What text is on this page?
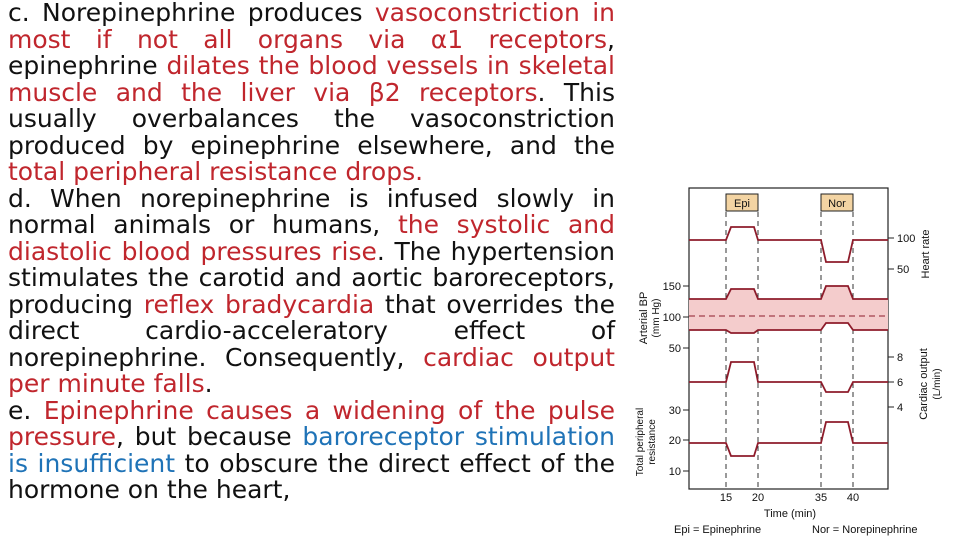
c. Norepinephrine produces vasoconstriction in most if not all organs via α1 receptors, epinephrine dilates the blood vessels in skeletal muscle and the liver via β2 receptors. This usually overbalances the vasoconstriction produced by epinephrine elsewhere, and the total peripheral resistance drops.

d. When norepinephrine is infused slowly in normal animals or humans, the systolic and diastolic blood pressures rise. The hypertension stimulates the carotid and aortic baroreceptors, producing reflex bradycardia that overrides the direct cardio-acceleratory effect of norepinephrine. Consequently, cardiac output per minute falls.

e. Epinephrine causes a widening of the pulse pressure, but because baroreceptor stimulation is insufficient to obscure the direct effect of the hormone on the heart,

Epi	Nor
100
50
8
6
4
150
100
50
30
20
10
Heart rate
Cardiac output (L/min)
Arterial BP (mm Hg)
Total peripheral resistance
15 20	35 40
Time (min)
Epi = Epinephrine	Nor = Norepinephrine
